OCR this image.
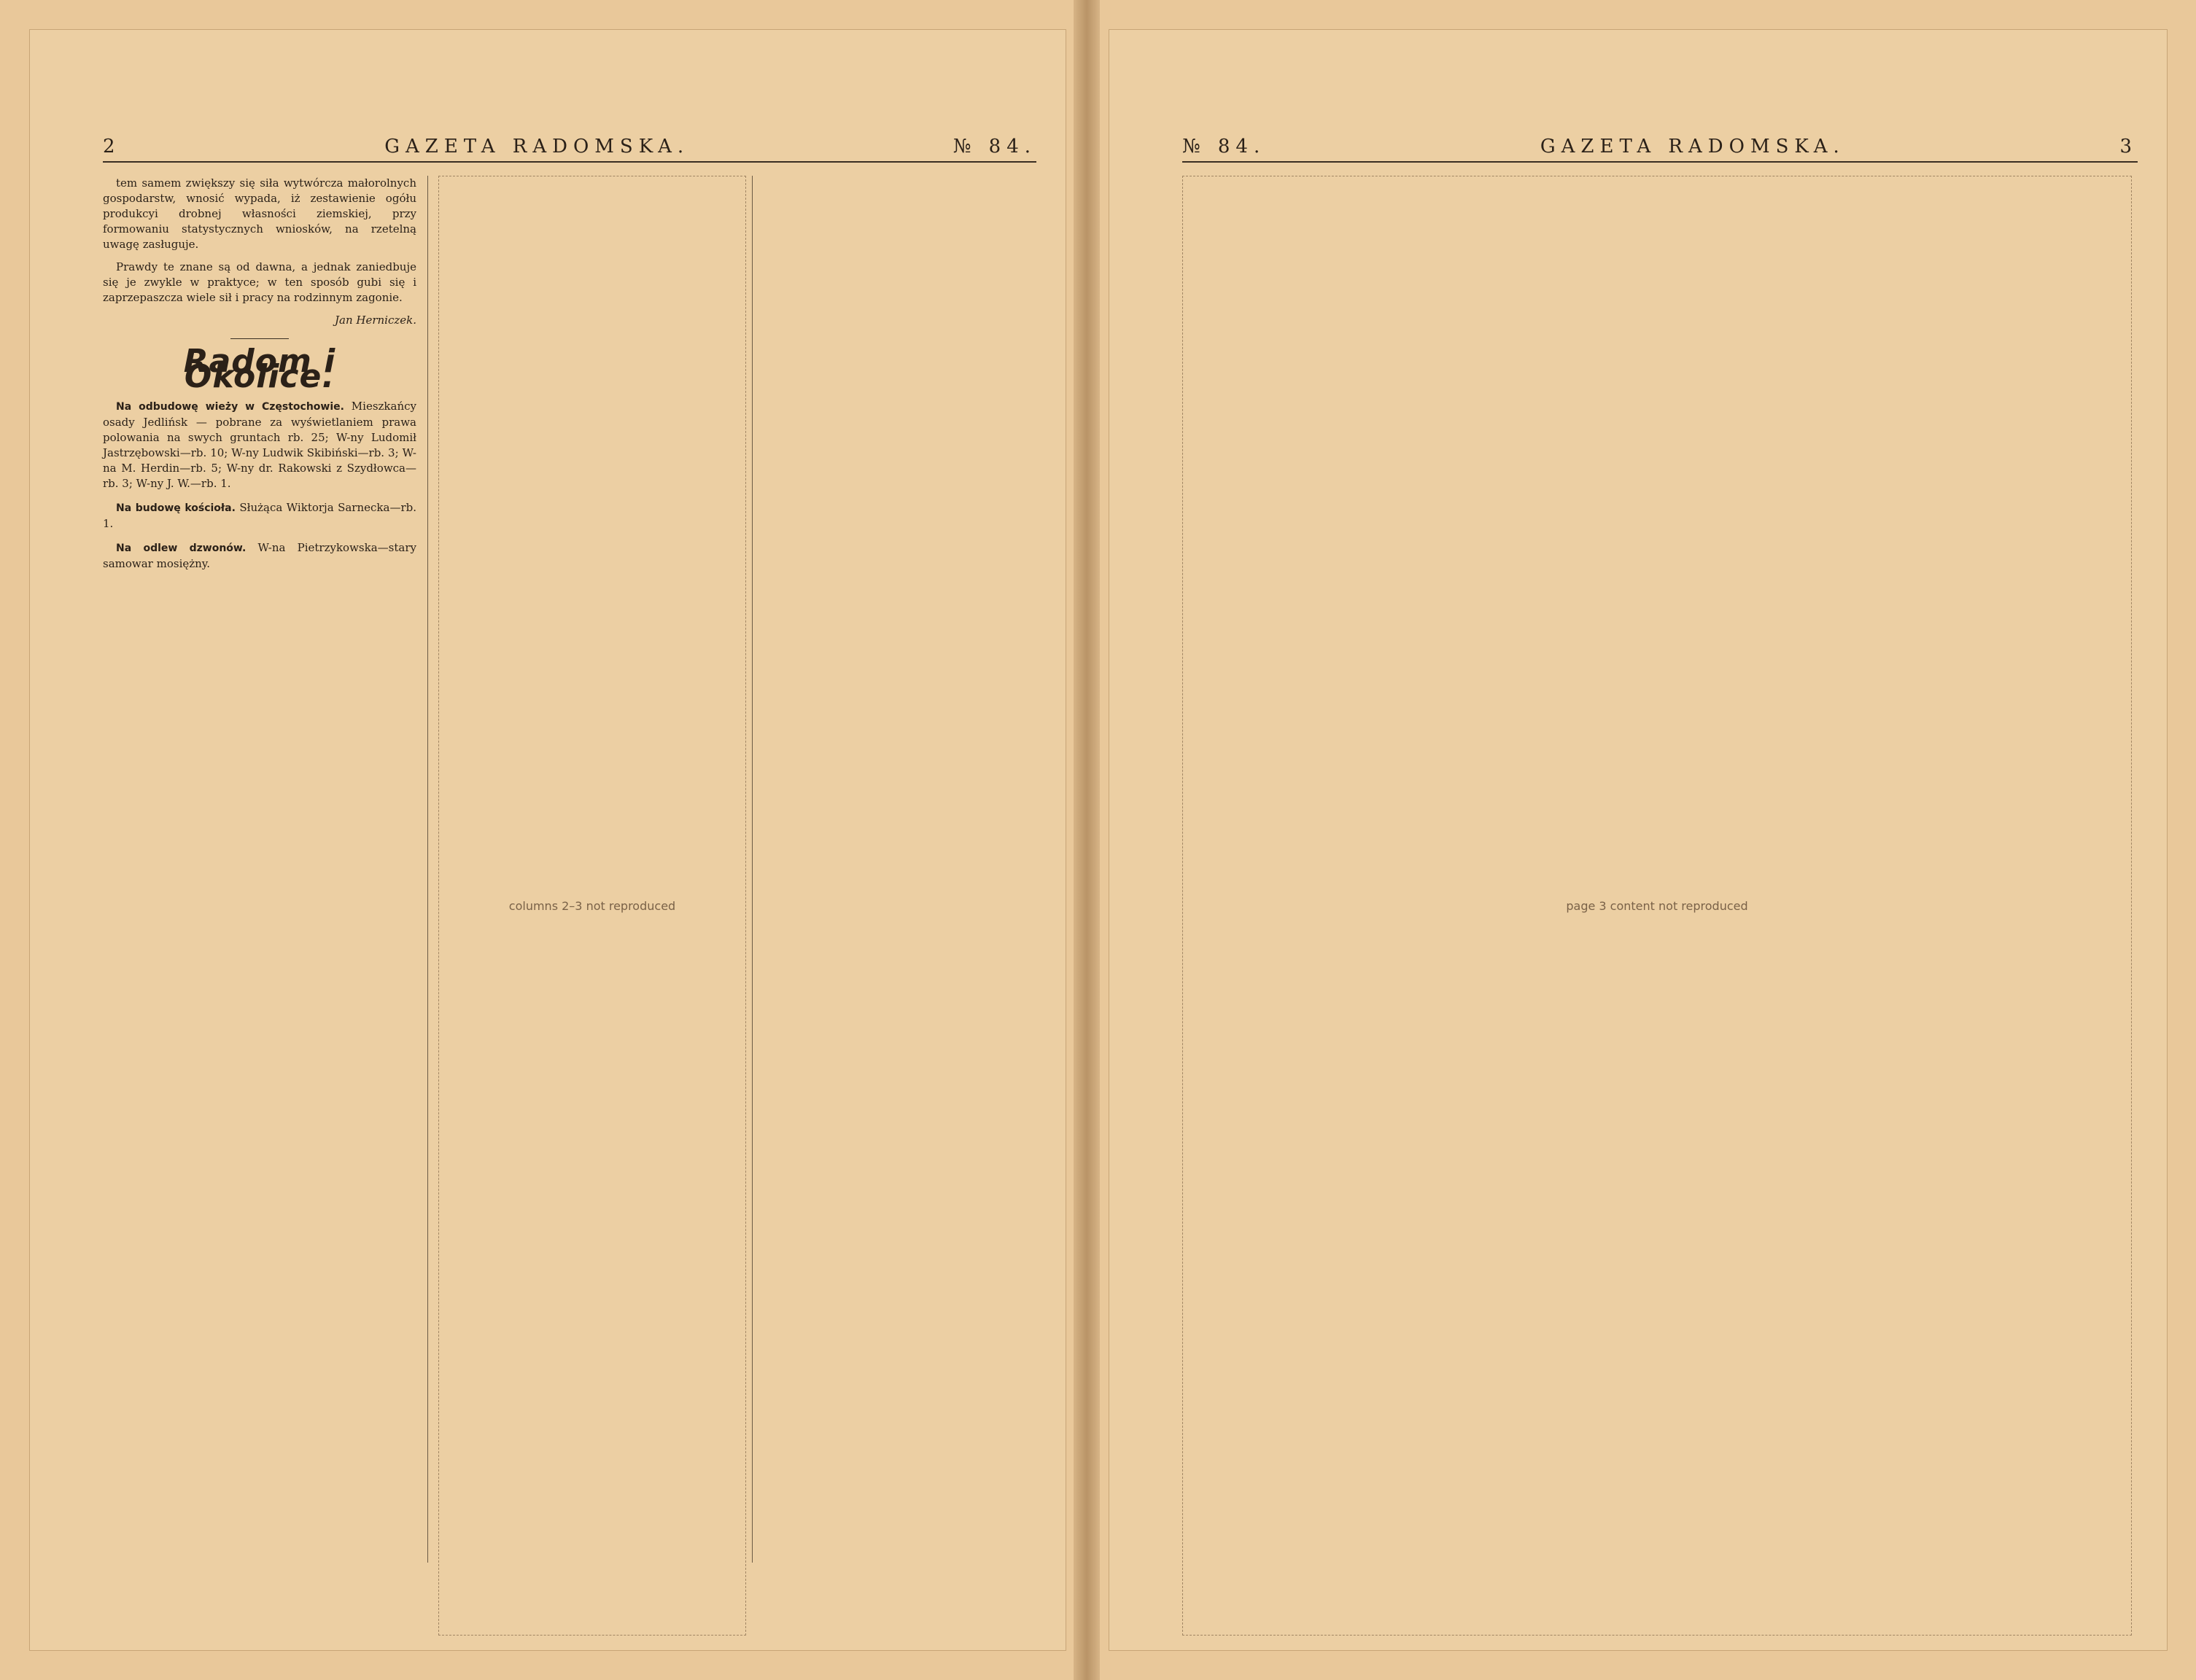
2	GAZETA RADOMSKA.	№ 84.

tem samem zwiększy się siła wytwórcza małorolnych gospodarstw, wnosić wypada, iż zestawienie ogółu produkcyi drobnej własności ziemskiej, przy formowaniu statystycznych wniosków, na rzetelną uwagę zasługuje.

Prawdy te znane są od dawna, a jednak zaniedbuje się je zwykle w praktyce; w ten sposób gubi się i zaprzepaszcza wiele sił i pracy na rodzinnym zagonie.

Jan Herniczek.

Radom i Okolice.

Na odbudowę wieży w Częstochowie. Mieszkańcy osady Jedlińsk — pobrane za wyświetlaniem prawa polowania na swych gruntach rb. 25; W-ny Ludomił Jastrzębowski—rb. 10; W-ny Ludwik Skibiński—rb. 3; W-na M. Herdin—rb. 5; W-ny dr. Rakowski z Szydłowca—rb. 3; W-ny J. W.—rb. 1.

Na budowę kościoła. Służąca Wiktorja Sarnecka—rb. 1.

Na odlew dzwonów. W-na Pietrzykowska—stary samowar mosiężny.

columns 2–3 not reproduced
№ 84.	GAZETA RADOMSKA.	3
page 3 content not reproduced
